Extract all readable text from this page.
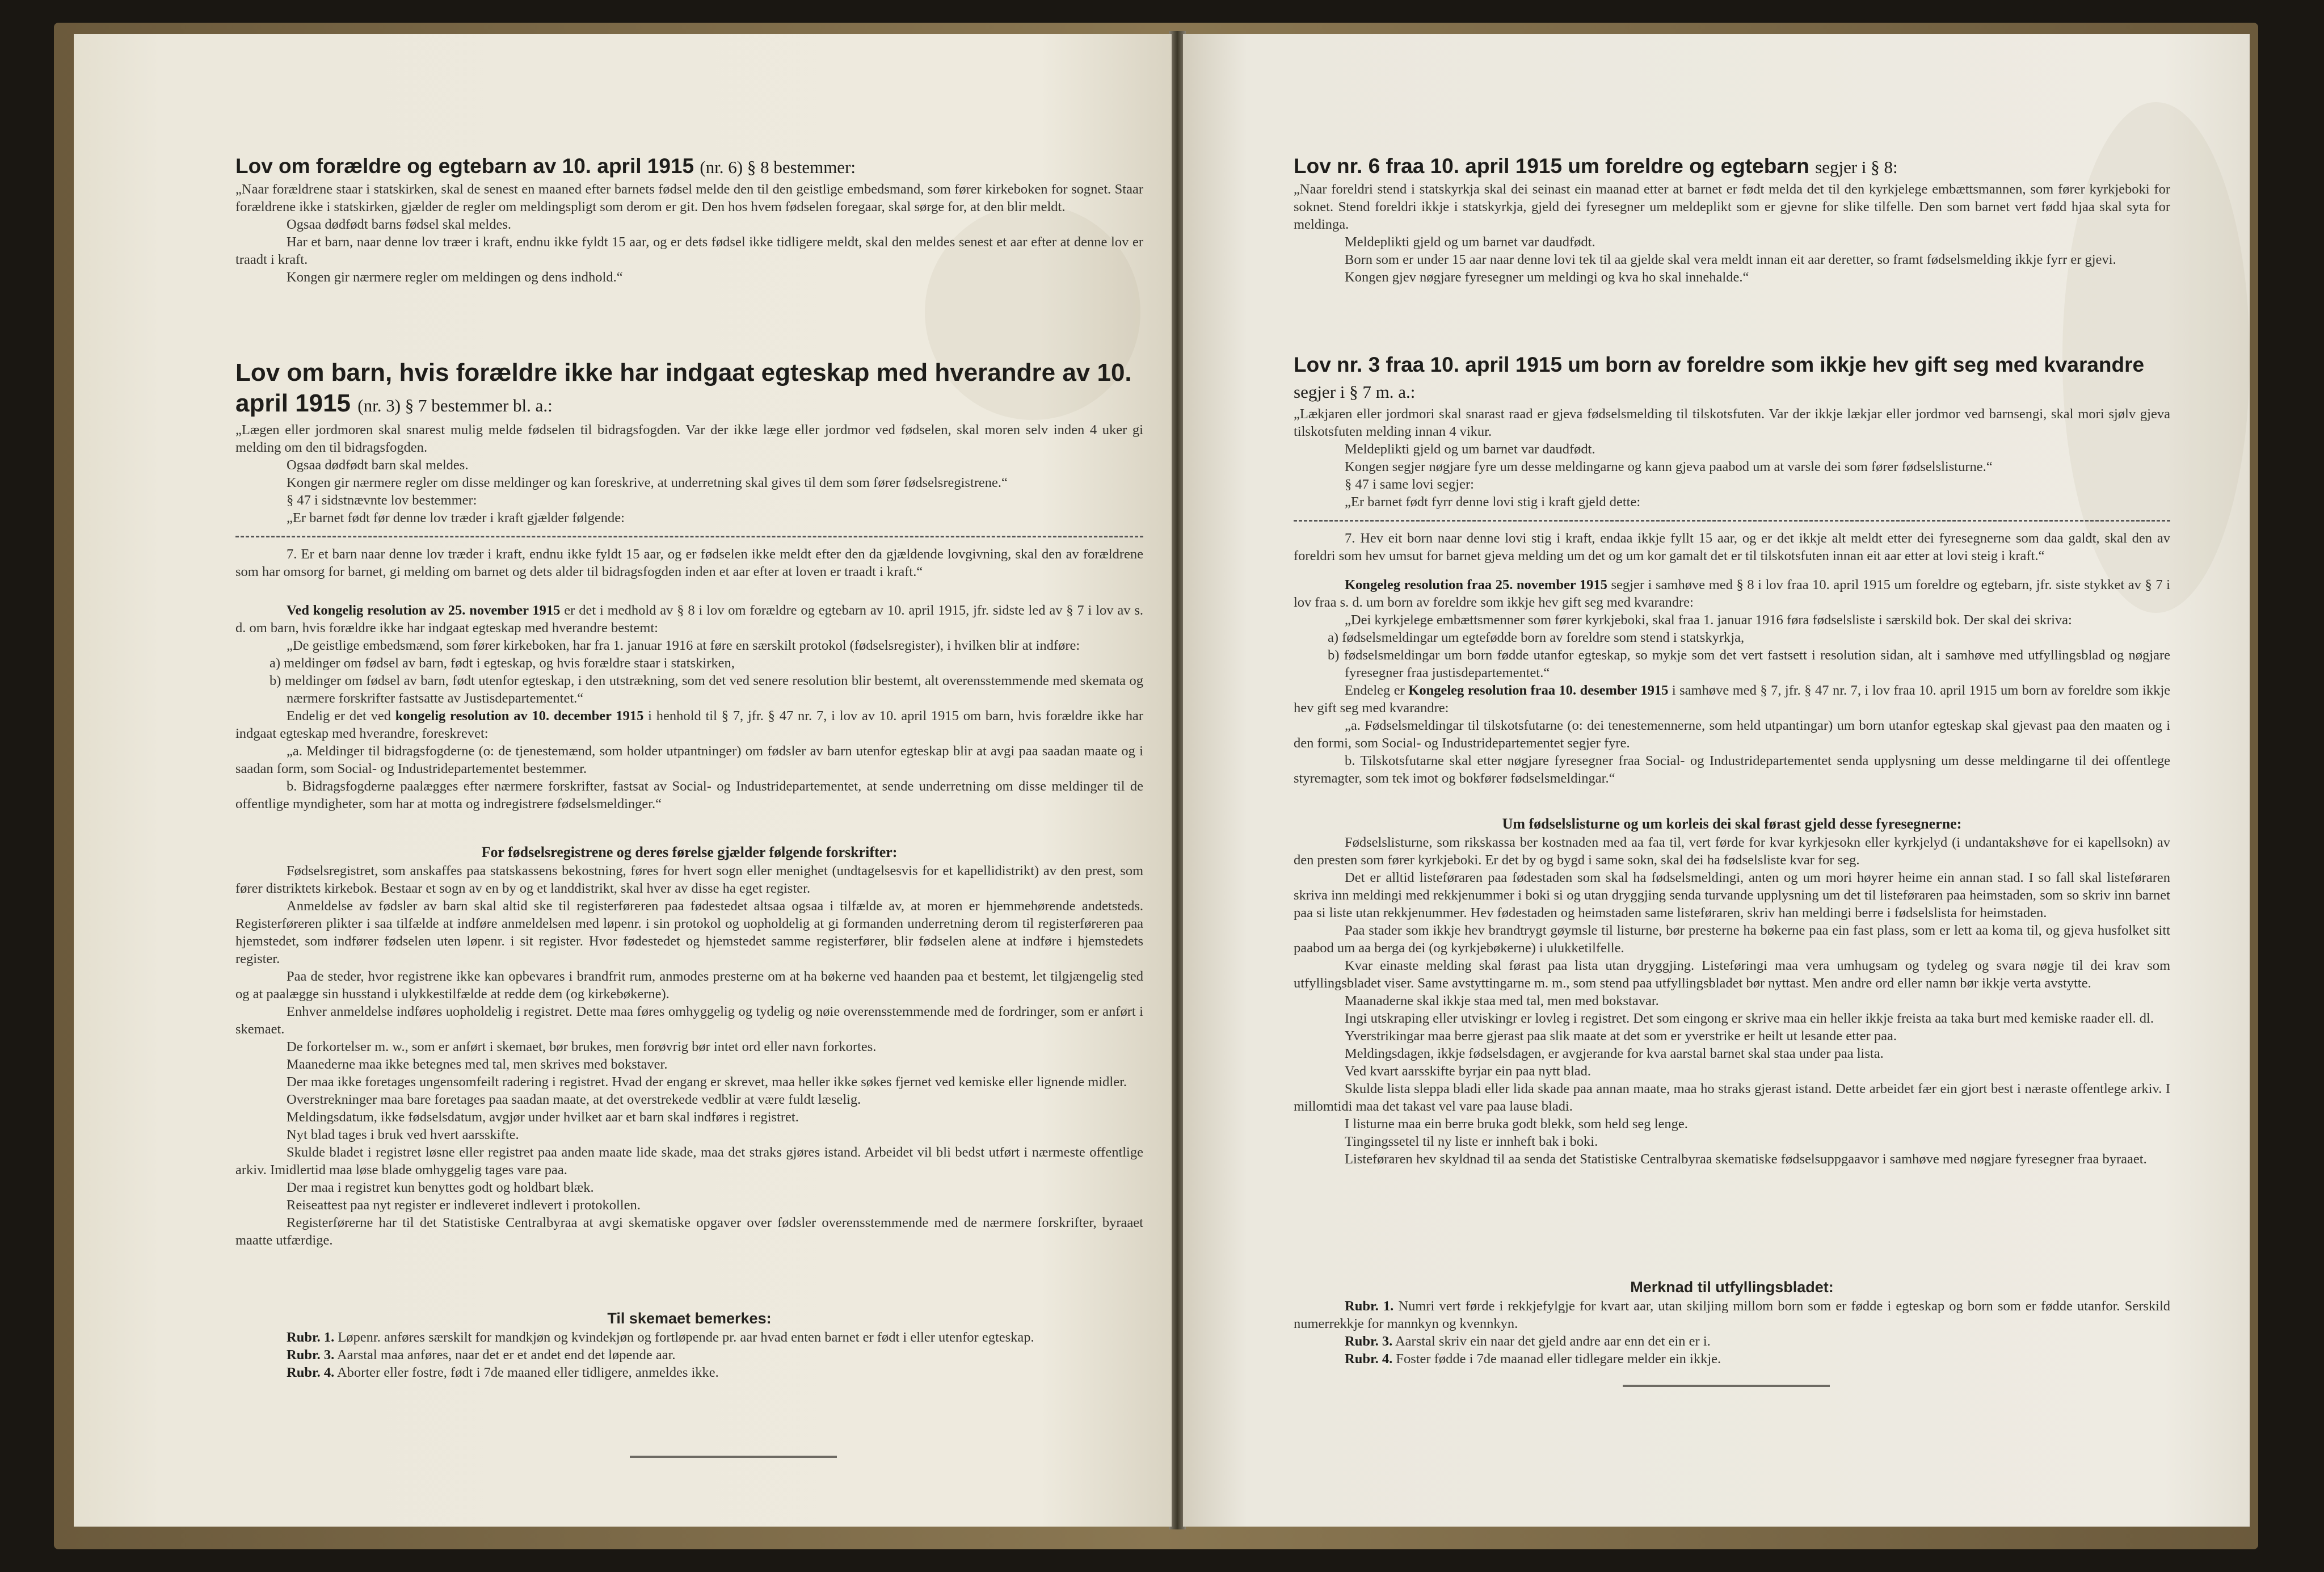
Lov om forældre og egtebarn av 10. april 1915 (nr. 6) § 8 bestemmer:

„Naar forældrene staar i statskirken, skal de senest en maaned efter barnets fødsel melde den til den geistlige embedsmand, som fører kirkeboken for sognet. Staar forældrene ikke i statskirken, gjælder de regler om meldingspligt som derom er git. Den hos hvem fødselen foregaar, skal sørge for, at den blir meldt.

Ogsaa dødfødt barns fødsel skal meldes.

Har et barn, naar denne lov træer i kraft, endnu ikke fyldt 15 aar, og er dets fødsel ikke tidligere meldt, skal den meldes senest et aar efter at denne lov er traadt i kraft.

Kongen gir nærmere regler om meldingen og dens indhold.“

Lov om barn, hvis forældre ikke har indgaat egteskap med hverandre av 10. april 1915 (nr. 3) § 7 bestemmer bl. a.:

„Lægen eller jordmoren skal snarest mulig melde fødselen til bidragsfogden. Var der ikke læge eller jordmor ved fødselen, skal moren selv inden 4 uker gi melding om den til bidragsfogden.

Ogsaa dødfødt barn skal meldes.

Kongen gir nærmere regler om disse meldinger og kan foreskrive, at underretning skal gives til dem som fører fødselsregistrene.“

§ 47 i sidstnævnte lov bestemmer:

„Er barnet født før denne lov træder i kraft gjælder følgende:

7. Er et barn naar denne lov træder i kraft, endnu ikke fyldt 15 aar, og er fødselen ikke meldt efter den da gjældende lovgivning, skal den av forældrene som har omsorg for barnet, gi melding om barnet og dets alder til bidragsfogden inden et aar efter at loven er traadt i kraft.“

Ved kongelig resolution av 25. november 1915 er det i medhold av § 8 i lov om forældre og egtebarn av 10. april 1915, jfr. sidste led av § 7 i lov av s. d. om barn, hvis forældre ikke har indgaat egteskap med hverandre bestemt:

„De geistlige embedsmænd, som fører kirkeboken, har fra 1. januar 1916 at føre en særskilt protokol (fødselsregister), i hvilken blir at indføre:

a) meldinger om fødsel av barn, født i egteskap, og hvis forældre staar i statskirken,

b) meldinger om fødsel av barn, født utenfor egteskap, i den utstrækning, som det ved senere resolution blir bestemt, alt overensstemmende med skemata og nærmere forskrifter fastsatte av Justisdepartementet.“

Endelig er det ved kongelig resolution av 10. december 1915 i henhold til § 7, jfr. § 47 nr. 7, i lov av 10. april 1915 om barn, hvis forældre ikke har indgaat egteskap med hverandre, foreskrevet:

„a. Meldinger til bidragsfogderne (o: de tjenestemænd, som holder utpantninger) om fødsler av barn utenfor egteskap blir at avgi paa saadan maate og i saadan form, som Social- og Industridepartementet bestemmer.

b. Bidragsfogderne paalægges efter nærmere forskrifter, fastsat av Social- og Industridepartementet, at sende underretning om disse meldinger til de offentlige myndigheter, som har at motta og indregistrere fødselsmeldinger.“

For fødselsregistrene og deres førelse gjælder følgende forskrifter:

Fødselsregistret, som anskaffes paa statskassens bekostning, føres for hvert sogn eller menighet (undtagelsesvis for et kapellidistrikt) av den prest, som fører distriktets kirkebok. Bestaar et sogn av en by og et landdistrikt, skal hver av disse ha eget register.

Anmeldelse av fødsler av barn skal altid ske til registerføreren paa fødestedet altsaa ogsaa i tilfælde av, at moren er hjemmehørende andetsteds. Registerføreren plikter i saa tilfælde at indføre anmeldelsen med løpenr. i sin protokol og uopholdelig at gi formanden underretning derom til registerføreren paa hjemstedet, som indfører fødselen uten løpenr. i sit register. Hvor fødestedet og hjemstedet samme registerfører, blir fødselen alene at indføre i hjemstedets register.

Paa de steder, hvor registrene ikke kan opbevares i brandfrit rum, anmodes presterne om at ha bøkerne ved haanden paa et bestemt, let tilgjængelig sted og at paalægge sin husstand i ulykkestilfælde at redde dem (og kirkebøkerne).

Enhver anmeldelse indføres uopholdelig i registret. Dette maa føres omhyggelig og tydelig og nøie overensstemmende med de fordringer, som er anført i skemaet.

De forkortelser m. w., som er anført i skemaet, bør brukes, men forøvrig bør intet ord eller navn forkortes.

Maanederne maa ikke betegnes med tal, men skrives med bokstaver.

Der maa ikke foretages ungensomfeilt radering i registret. Hvad der engang er skrevet, maa heller ikke søkes fjernet ved kemiske eller lignende midler.

Overstrekninger maa bare foretages paa saadan maate, at det overstrekede vedblir at være fuldt læselig.

Meldingsdatum, ikke fødselsdatum, avgjør under hvilket aar et barn skal indføres i registret.

Nyt blad tages i bruk ved hvert aarsskifte.

Skulde bladet i registret løsne eller registret paa anden maate lide skade, maa det straks gjøres istand. Arbeidet vil bli bedst utført i nærmeste offentlige arkiv. Imidlertid maa løse blade omhyggelig tages vare paa.

Der maa i registret kun benyttes godt og holdbart blæk.

Reiseattest paa nyt register er indleveret indlevert i protokollen.

Registerførerne har til det Statistiske Centralbyraa at avgi skematiske opgaver over fødsler overensstemmende med de nærmere forskrifter, byraaet maatte utfærdige.

Til skemaet bemerkes:

Rubr. 1. Løpenr. anføres særskilt for mandkjøn og kvindekjøn og fortløpende pr. aar hvad enten barnet er født i eller utenfor egteskap.

Rubr. 3. Aarstal maa anføres, naar det er et andet end det løpende aar.

Rubr. 4. Aborter eller fostre, født i 7de maaned eller tidligere, anmeldes ikke.

Lov nr. 6 fraa 10. april 1915 um foreldre og egtebarn segjer i § 8:

„Naar foreldri stend i statskyrkja skal dei seinast ein maanad etter at barnet er født melda det til den kyrkjelege embættsmannen, som fører kyrkjeboki for soknet. Stend foreldri ikkje i statskyrkja, gjeld dei fyresegner um meldeplikt som er gjevne for slike tilfelle. Den som barnet vert fødd hjaa skal syta for meldinga.

Meldeplikti gjeld og um barnet var daudfødt.

Born som er under 15 aar naar denne lovi tek til aa gjelde skal vera meldt innan eit aar deretter, so framt fødselsmelding ikkje fyrr er gjevi.

Kongen gjev nøgjare fyresegner um meldingi og kva ho skal innehalde.“

Lov nr. 3 fraa 10. april 1915 um born av foreldre som ikkje hev gift seg med kvarandre segjer i § 7 m. a.:

„Lækjaren eller jordmori skal snarast raad er gjeva fødselsmelding til tilskotsfuten. Var der ikkje lækjar eller jordmor ved barnsengi, skal mori sjølv gjeva tilskotsfuten melding innan 4 vikur.

Meldeplikti gjeld og um barnet var daudfødt.

Kongen segjer nøgjare fyre um desse meldingarne og kann gjeva paabod um at varsle dei som fører fødselslisturne.“

§ 47 i same lovi segjer:

„Er barnet født fyrr denne lovi stig i kraft gjeld dette:

7. Hev eit born naar denne lovi stig i kraft, endaa ikkje fyllt 15 aar, og er det ikkje alt meldt etter dei fyresegnerne som daa galdt, skal den av foreldri som hev umsut for barnet gjeva melding um det og um kor gamalt det er til tilskotsfuten innan eit aar etter at lovi steig i kraft.“

Kongeleg resolution fraa 25. november 1915 segjer i samhøve med § 8 i lov fraa 10. april 1915 um foreldre og egtebarn, jfr. siste stykket av § 7 i lov fraa s. d. um born av foreldre som ikkje hev gift seg med kvarandre:

„Dei kyrkjelege embættsmenner som fører kyrkjeboki, skal fraa 1. januar 1916 føra fødselsliste i særskild bok. Der skal dei skriva:

a) fødselsmeldingar um egtefødde born av foreldre som stend i statskyrkja,

b) fødselsmeldingar um born fødde utanfor egteskap, so mykje som det vert fastsett i resolution sidan, alt i samhøve med utfyllingsblad og nøgjare fyresegner fraa justisdepartementet.“

Endeleg er Kongeleg resolution fraa 10. desember 1915 i samhøve med § 7, jfr. § 47 nr. 7, i lov fraa 10. april 1915 um born av foreldre som ikkje hev gift seg med kvarandre:

„a. Fødselsmeldingar til tilskotsfutarne (o: dei tenestemennerne, som held utpantingar) um born utanfor egteskap skal gjevast paa den maaten og i den formi, som Social- og Industridepartementet segjer fyre.

b. Tilskotsfutarne skal etter nøgjare fyresegner fraa Social- og Industridepartementet senda upplysning um desse meldingarne til dei offentlege styremagter, som tek imot og bokfører fødselsmeldingar.“

Um fødselslisturne og um korleis dei skal førast gjeld desse fyresegnerne:

Fødselslisturne, som rikskassa ber kostnaden med aa faa til, vert førde for kvar kyrkjesokn eller kyrkjelyd (i undantakshøve for ei kapellsokn) av den presten som fører kyrkjeboki. Er det by og bygd i same sokn, skal dei ha fødselsliste kvar for seg.

Det er alltid listeføraren paa fødestaden som skal ha fødselsmeldingi, anten og um mori høyrer heime ein annan stad. I so fall skal listeføraren skriva inn meldingi med rekkjenummer i boki si og utan dryggjing senda turvande upplysning um det til listeføraren paa heimstaden, som so skriv inn barnet paa si liste utan rekkjenummer. Hev fødestaden og heimstaden same listeføraren, skriv han meldingi berre i fødselslista for heimstaden.

Paa stader som ikkje hev brandtrygt gøymsle til listurne, bør presterne ha bøkerne paa ein fast plass, som er lett aa koma til, og gjeva husfolket sitt paabod um aa berga dei (og kyrkjebøkerne) i ulukketilfelle.

Kvar einaste melding skal førast paa lista utan dryggjing. Listeføringi maa vera umhugsam og tydeleg og svara nøgje til dei krav som utfyllingsbladet viser. Same avstyttingarne m. m., som stend paa utfyllingsbladet bør nyttast. Men andre ord eller namn bør ikkje verta avstytte.

Maanaderne skal ikkje staa med tal, men med bokstavar.

Ingi utskraping eller utviskingr er lovleg i registret. Det som eingong er skrive maa ein heller ikkje freista aa taka burt med kemiske raader ell. dl.

Yverstrikingar maa berre gjerast paa slik maate at det som er yverstrike er heilt ut lesande etter paa.

Meldingsdagen, ikkje fødselsdagen, er avgjerande for kva aarstal barnet skal staa under paa lista.

Ved kvart aarsskifte byrjar ein paa nytt blad.

Skulde lista sleppa bladi eller lida skade paa annan maate, maa ho straks gjerast istand. Dette arbeidet fær ein gjort best i næraste offentlege arkiv. I millomtidi maa det takast vel vare paa lause bladi.

I listurne maa ein berre bruka godt blekk, som held seg lenge.

Tingingssetel til ny liste er innheft bak i boki.

Listeføraren hev skyldnad til aa senda det Statistiske Centralbyraa skematiske fødselsuppgaavor i samhøve med nøgjare fyresegner fraa byraaet.

Merknad til utfyllingsbladet:

Rubr. 1. Numri vert førde i rekkjefylgje for kvart aar, utan skiljing millom born som er fødde i egteskap og born som er fødde utanfor. Serskild numerrekkje for mannkyn og kvennkyn.

Rubr. 3. Aarstal skriv ein naar det gjeld andre aar enn det ein er i.

Rubr. 4. Foster fødde i 7de maanad eller tidlegare melder ein ikkje.
